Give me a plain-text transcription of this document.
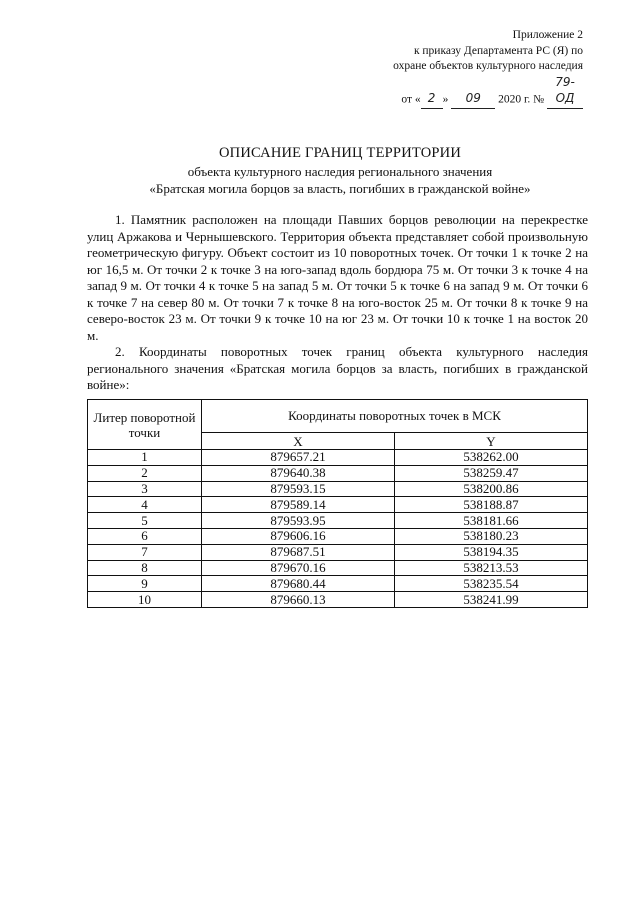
Приложение 2
к приказу Департамента РС (Я) по
охране объектов культурного наследия
от « 2 » 09 2020 г. № 79-ОД
ОПИСАНИЕ ГРАНИЦ ТЕРРИТОРИИ
объекта культурного наследия регионального значения
«Братская могила борцов за власть, погибших в гражданской войне»

1. Памятник расположен на площади Павших борцов революции на перекрестке улиц Аржакова и Чернышевского. Территория объекта представляет собой произвольную геометрическую фигуру. Объект состоит из 10 поворотных точек. От точки 1 к точке 2 на юг 16,5 м. От точки 2 к точке 3 на юго-запад вдоль бордюра 75 м. От точки 3 к точке 4 на запад 9 м. От точки 4 к точке 5 на запад 5 м. От точки 5 к точке 6 на запад 9 м. От точки 6 к точке 7 на север 80 м. От точки 7 к точке 8 на юго-восток 25 м. От точки 8 к точке 9 на северо-восток 23 м. От точки 9 к точке 10 на юг 23 м. От точки 10 к точке 1 на восток 20 м.

2. Координаты поворотных точек границ объекта культурного наследия регионального значения «Братская могила борцов за власть, погибших в гражданской войне»:

Литер поворотной точки	Координаты поворотных точек в МСК	
	X	Y
1	879657.21	538262.00
2	879640.38	538259.47
3	879593.15	538200.86
4	879589.14	538188.87
5	879593.95	538181.66
6	879606.16	538180.23
7	879687.51	538194.35
8	879670.16	538213.53
9	879680.44	538235.54
10	879660.13	538241.99
